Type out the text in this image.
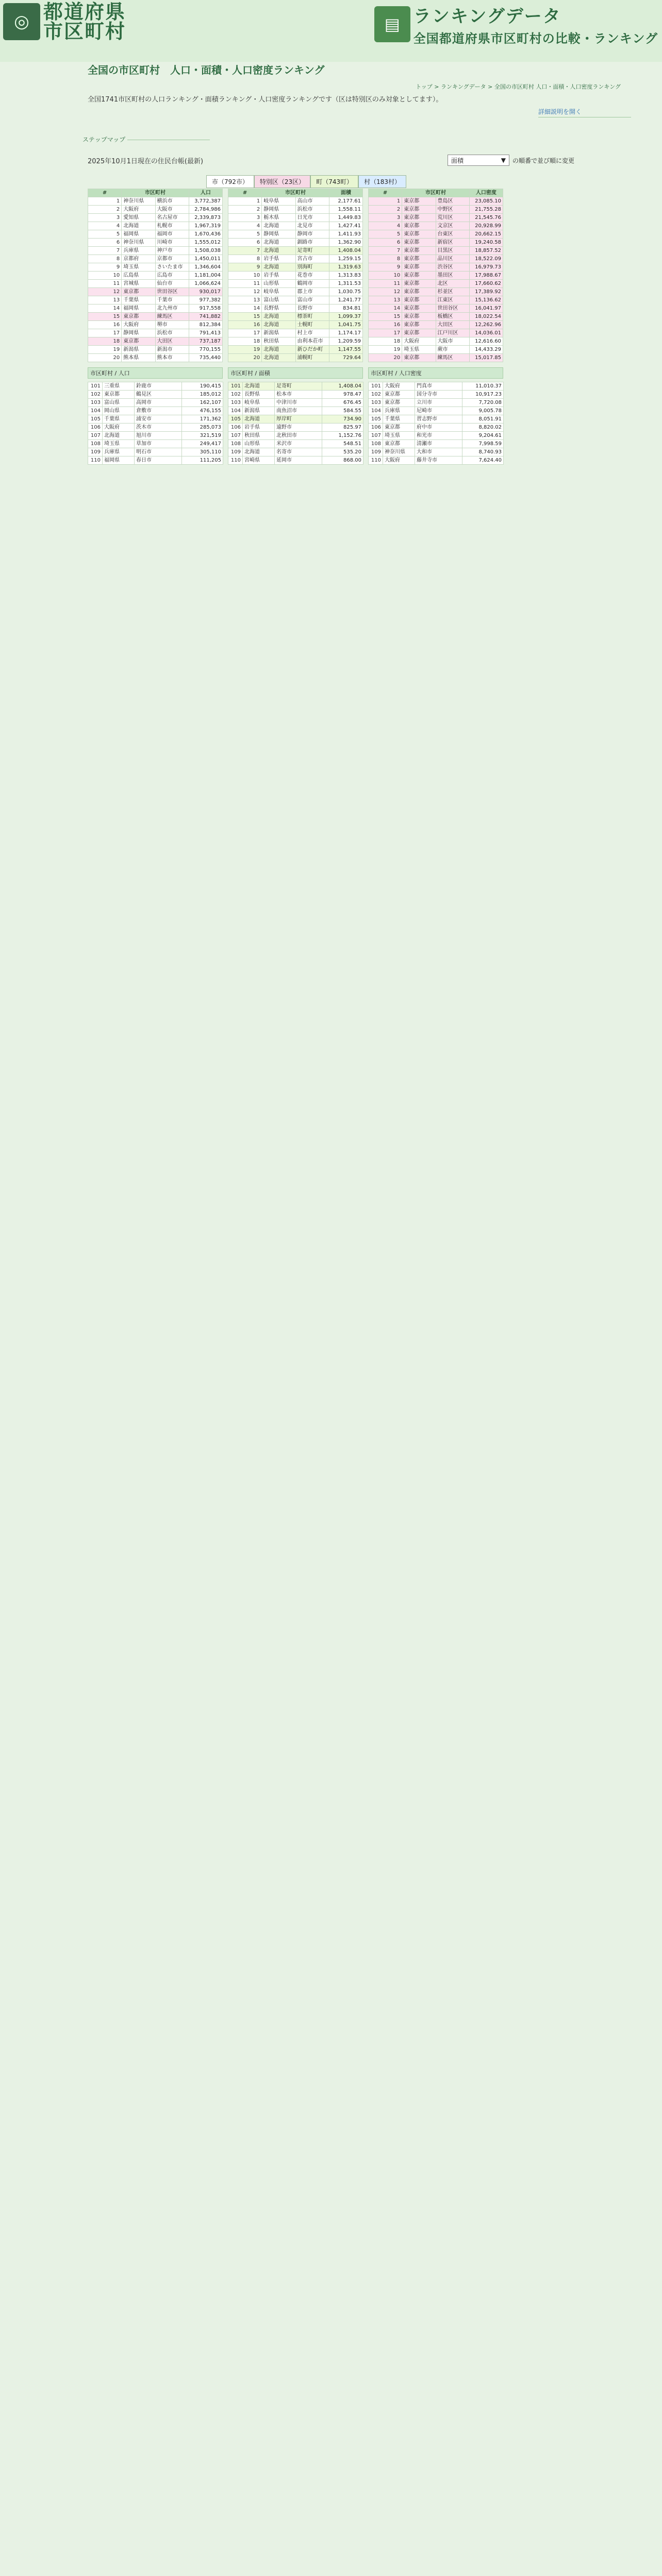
◎ 都道府県
市区町村	▤ ランキングデータ
全国都道府県市区町村の比較・ランキング
全国の市区町村　人口・面積・人口密度ランキング
トップ > ランキングデータ > 全国の市区町村 人口・面積・人口密度ランキング
全国1741市区町村の人口ランキング・面積ランキング・人口密度ランキングです（区は特別区のみ対象としてます）。
詳細説明を開く
ステップマップ
2025年10月1日現在の住民台帳(最新)	面積	▼ の順番で並び順に変更
市（792市）	特別区（23区）	町（743町）	村（183村）
#	市区町村		人口
1	神奈川県	横浜市	3,772,387
2	大阪府	大阪市	2,784,986
3	愛知県	名古屋市	2,339,873
4	北海道	札幌市	1,967,319
5	福岡県	福岡市	1,670,436
6	神奈川県	川崎市	1,555,012
7	兵庫県	神戸市	1,508,038
8	京都府	京都市	1,450,011
9	埼玉県	さいたま市	1,346,604
10	広島県	広島市	1,181,004
11	宮城県	仙台市	1,066,624
12	東京都	世田谷区	930,017
13	千葉県	千葉市	977,382
14	福岡県	北九州市	917,558
15	東京都	練馬区	741,882
16	大阪府	堺市	812,384
17	静岡県	浜松市	791,413
18	東京都	大田区	737,187
19	新潟県	新潟市	770,155
20	熊本県	熊本市	735,440
#	市区町村		面積
1	岐阜県	高山市	2,177.61
2	静岡県	浜松市	1,558.11
3	栃木県	日光市	1,449.83
4	北海道	北見市	1,427.41
5	静岡県	静岡市	1,411.93
6	北海道	釧路市	1,362.90
7	北海道	足寄町	1,408.04
8	岩手県	宮古市	1,259.15
9	北海道	別海町	1,319.63
10	岩手県	花巻市	1,313.83
11	山形県	鶴岡市	1,311.53
12	岐阜県	郡上市	1,030.75
13	富山県	富山市	1,241.77
14	長野県	長野市	834.81
15	北海道	標茶町	1,099.37
16	北海道	士幌町	1,041.75
17	新潟県	村上市	1,174.17
18	秋田県	由利本荘市	1,209.59
19	北海道	新ひだか町	1,147.55
20	北海道	浦幌町	729.64
#	市区町村		人口密度
1	東京都	豊島区	23,085.10
2	東京都	中野区	21,755.28
3	東京都	荒川区	21,545.76
4	東京都	文京区	20,928.99
5	東京都	台東区	20,662.15
6	東京都	新宿区	19,240.58
7	東京都	目黒区	18,857.52
8	東京都	品川区	18,522.09
9	東京都	渋谷区	16,979.73
10	東京都	墨田区	17,988.67
11	東京都	北区	17,660.62
12	東京都	杉並区	17,389.92
13	東京都	江東区	15,136.62
14	東京都	世田谷区	16,041.97
15	東京都	板橋区	18,022.54
16	東京都	大田区	12,262.96
17	東京都	江戸川区	14,036.01
18	大阪府	大阪市	12,616.60
19	埼玉県	蕨市	14,433.29
20	東京都	練馬区	15,017.85
市区町村 / 人口	市区町村 / 面積	市区町村 / 人口密度
101	三重県	鈴鹿市	190,415
102	東京都	鶴見区	185,012
103	富山県	高岡市	162,107
104	岡山県	倉敷市	476,155
105	千葉県	浦安市	171,362
106	大阪府	茨木市	285,073
107	北海道	旭川市	321,519
108	埼玉県	草加市	249,417
109	兵庫県	明石市	305,110
110	福岡県	春日市	111,205
101	北海道	足寄町	1,408.04
102	長野県	松本市	978.47
103	岐阜県	中津川市	676.45
104	新潟県	南魚沼市	584.55
105	北海道	厚岸町	734.90
106	岩手県	遠野市	825.97
107	秋田県	北秋田市	1,152.76
108	山形県	米沢市	548.51
109	北海道	名寄市	535.20
110	宮崎県	延岡市	868.00
101	大阪府	門真市	11,010.37
102	東京都	国分寺市	10,917.23
103	東京都	立川市	7,720.08
104	兵庫県	尼崎市	9,005.78
105	千葉県	習志野市	8,051.91
106	東京都	府中市	8,820.02
107	埼玉県	和光市	9,204.61
108	東京都	清瀬市	7,998.59
109	神奈川県	大和市	8,740.93
110	大阪府	藤井寺市	7,624.40
